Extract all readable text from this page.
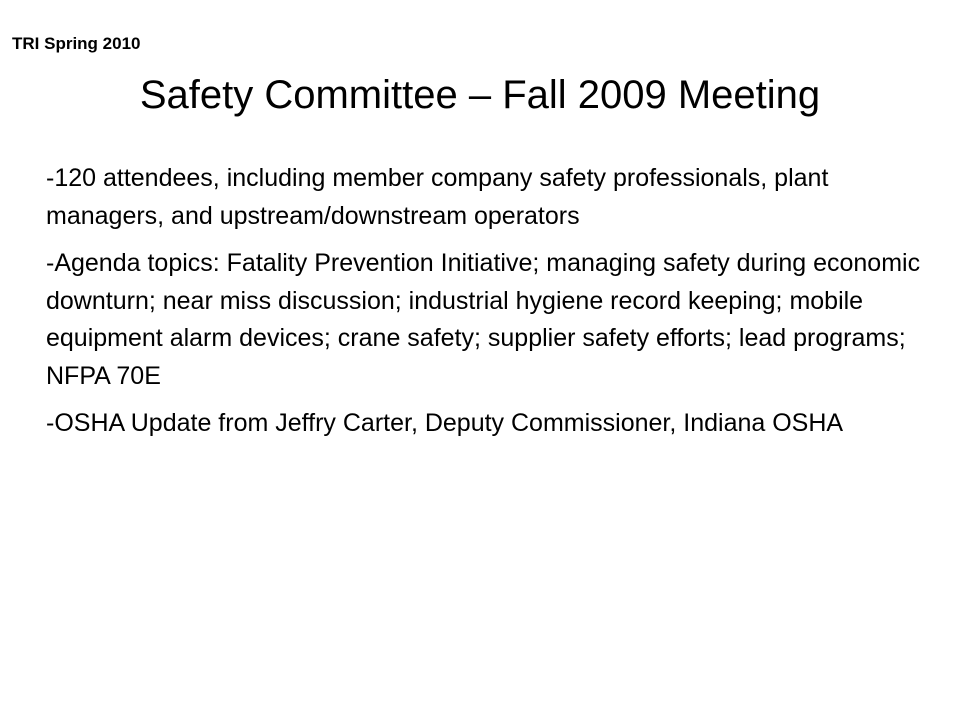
TRI Spring 2010
Safety Committee – Fall 2009 Meeting
-120 attendees, including member company safety professionals, plant managers, and upstream/downstream operators
-Agenda topics: Fatality Prevention Initiative; managing safety during economic downturn; near miss discussion; industrial hygiene record keeping; mobile equipment alarm devices; crane safety; supplier safety efforts; lead programs; NFPA 70E
-OSHA Update from Jeffry Carter, Deputy Commissioner, Indiana OSHA
